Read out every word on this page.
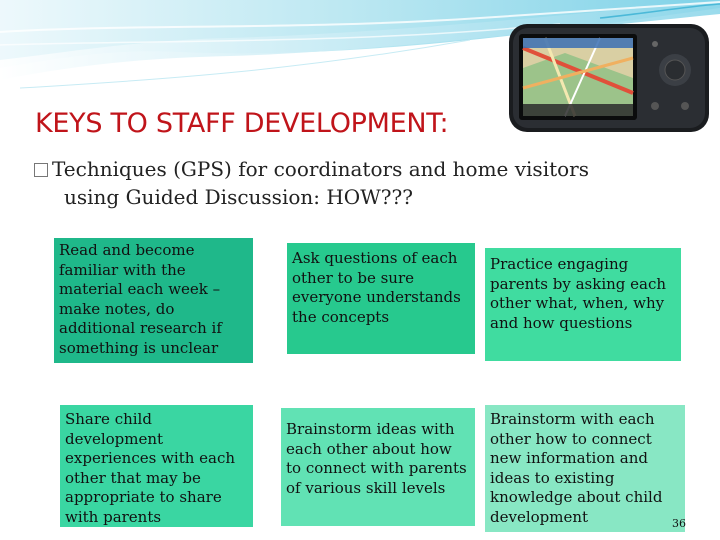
KEYS TO STAFF DEVELOPMENT:
Techniques (GPS) for coordinators and home visitors
using Guided Discussion: HOW???
Read and become familiar with the material each week – make notes, do additional research if something is unclear
Ask questions of each other to be sure everyone understands the concepts
Practice engaging parents by asking each other what, when, why and how questions
Share child development experiences with each other that may be appropriate to share with parents
Brainstorm ideas with each other about how to connect with parents of various skill levels
Brainstorm with each other how to connect new information and ideas to existing knowledge about child development	36
